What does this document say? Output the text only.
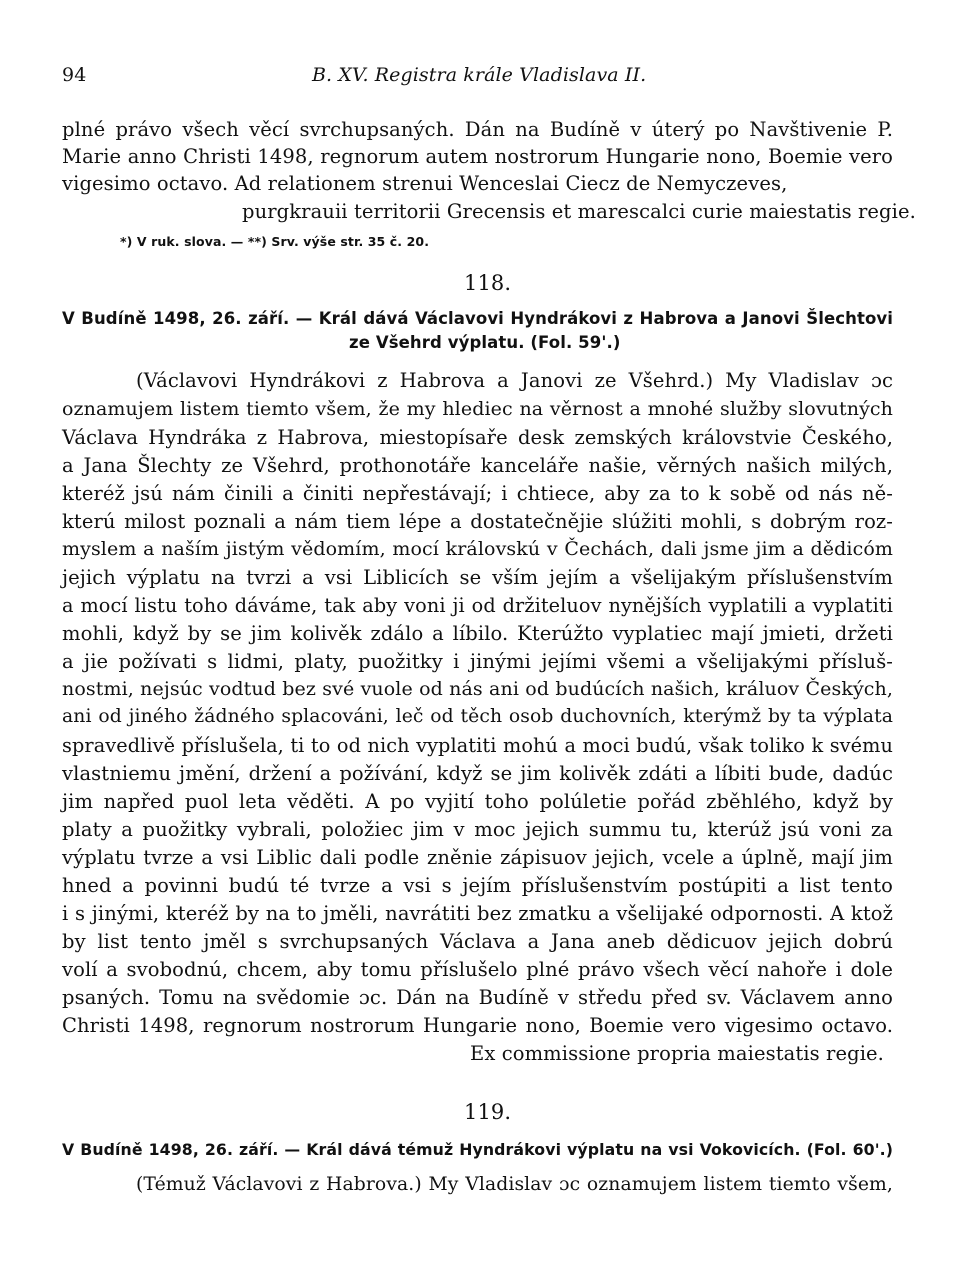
94	B. XV. Registra krále Vladislava II.
plné právo všech věcí svrchupsaných. Dán na Budíně v úterý po Navštivenie P.
Marie anno Christi 1498, regnorum autem nostrorum Hungarie nono, Boemie vero
vigesimo octavo. Ad relationem strenui Wenceslai Ciecz de Nemyczeves,
purgkrauii territorii Grecensis et marescalci curie maiestatis regie.
*) V ruk. slova. — **) Srv. výše str. 35 č. 20.
118.
V Budíně 1498, 26. září. — Král dává Václavovi Hyndrákovi z Habrova a Janovi Šlechtovi
ze Všehrd výplatu. (Fol. 59'.)
(Václavovi Hyndrákovi z Habrova a Janovi ze Všehrd.) My Vladislav ɔc
oznamujem listem tiemto všem, že my hlediec na věrnost a mnohé služby slovutných
Václava Hyndráka z Habrova, miestopísaře desk zemských královstvie Českého,
a Jana Šlechty ze Všehrd, prothonotáře kanceláře našie, věrných našich milých,
kteréž jsú nám činili a činiti nepřestávají; i chtiece, aby za to k sobě od nás ně-
kterú milost poznali a nám tiem lépe a dostatečnějie slúžiti mohli, s dobrým roz-
myslem a naším jistým vědomím, mocí královskú v Čechách, dali jsme jim a dědicóm
jejich výplatu na tvrzi a vsi Liblicích se vším jejím a všelijakým příslušenstvím
a mocí listu toho dáváme, tak aby voni ji od držiteluov nynějších vyplatili a vyplatiti
mohli, když by se jim kolivěk zdálo a líbilo. Kterúžto vyplatiec mají jmieti, držeti
a jie požívati s lidmi, platy, puožitky i jinými jejími všemi a všelijakými přísluš-
nostmi, nejsúc vodtud bez své vuole od nás ani od budúcích našich, králuov Českých,
ani od jiného žádného splacováni, leč od těch osob duchovních, kterýmž by ta výplata
spravedlivě příslušela, ti to od nich vyplatiti mohú a moci budú, však toliko k svému
vlastniemu jmění, držení a požívání, když se jim kolivěk zdáti a líbiti bude, dadúc
jim napřed puol leta věděti. A po vyjití toho polúletie pořád zběhlého, když by
platy a puožitky vybrali, položiec jim v moc jejich summu tu, kterúž jsú voni za
výplatu tvrze a vsi Liblic dali podle zněnie zápisuov jejich, vcele a úplně, mají jim
hned a povinni budú té tvrze a vsi s jejím příslušenstvím postúpiti a list tento
i s jinými, kteréž by na to jměli, navrátiti bez zmatku a všelijaké odpornosti. A ktož
by list tento jměl s svrchupsaných Václava a Jana aneb dědicuov jejich dobrú
volí a svobodnú, chcem, aby tomu příslušelo plné právo všech věcí nahoře i dole
psaných. Tomu na svědomie ɔc. Dán na Budíně v středu před sv. Václavem anno
Christi 1498, regnorum nostrorum Hungarie nono, Boemie vero vigesimo octavo.
Ex commissione propria maiestatis regie.
119.
V Budíně 1498, 26. září. — Král dává témuž Hyndrákovi výplatu na vsi Vokovicích. (Fol. 60'.)
(Témuž Václavovi z Habrova.) My Vladislav ɔc oznamujem listem tiemto všem,
